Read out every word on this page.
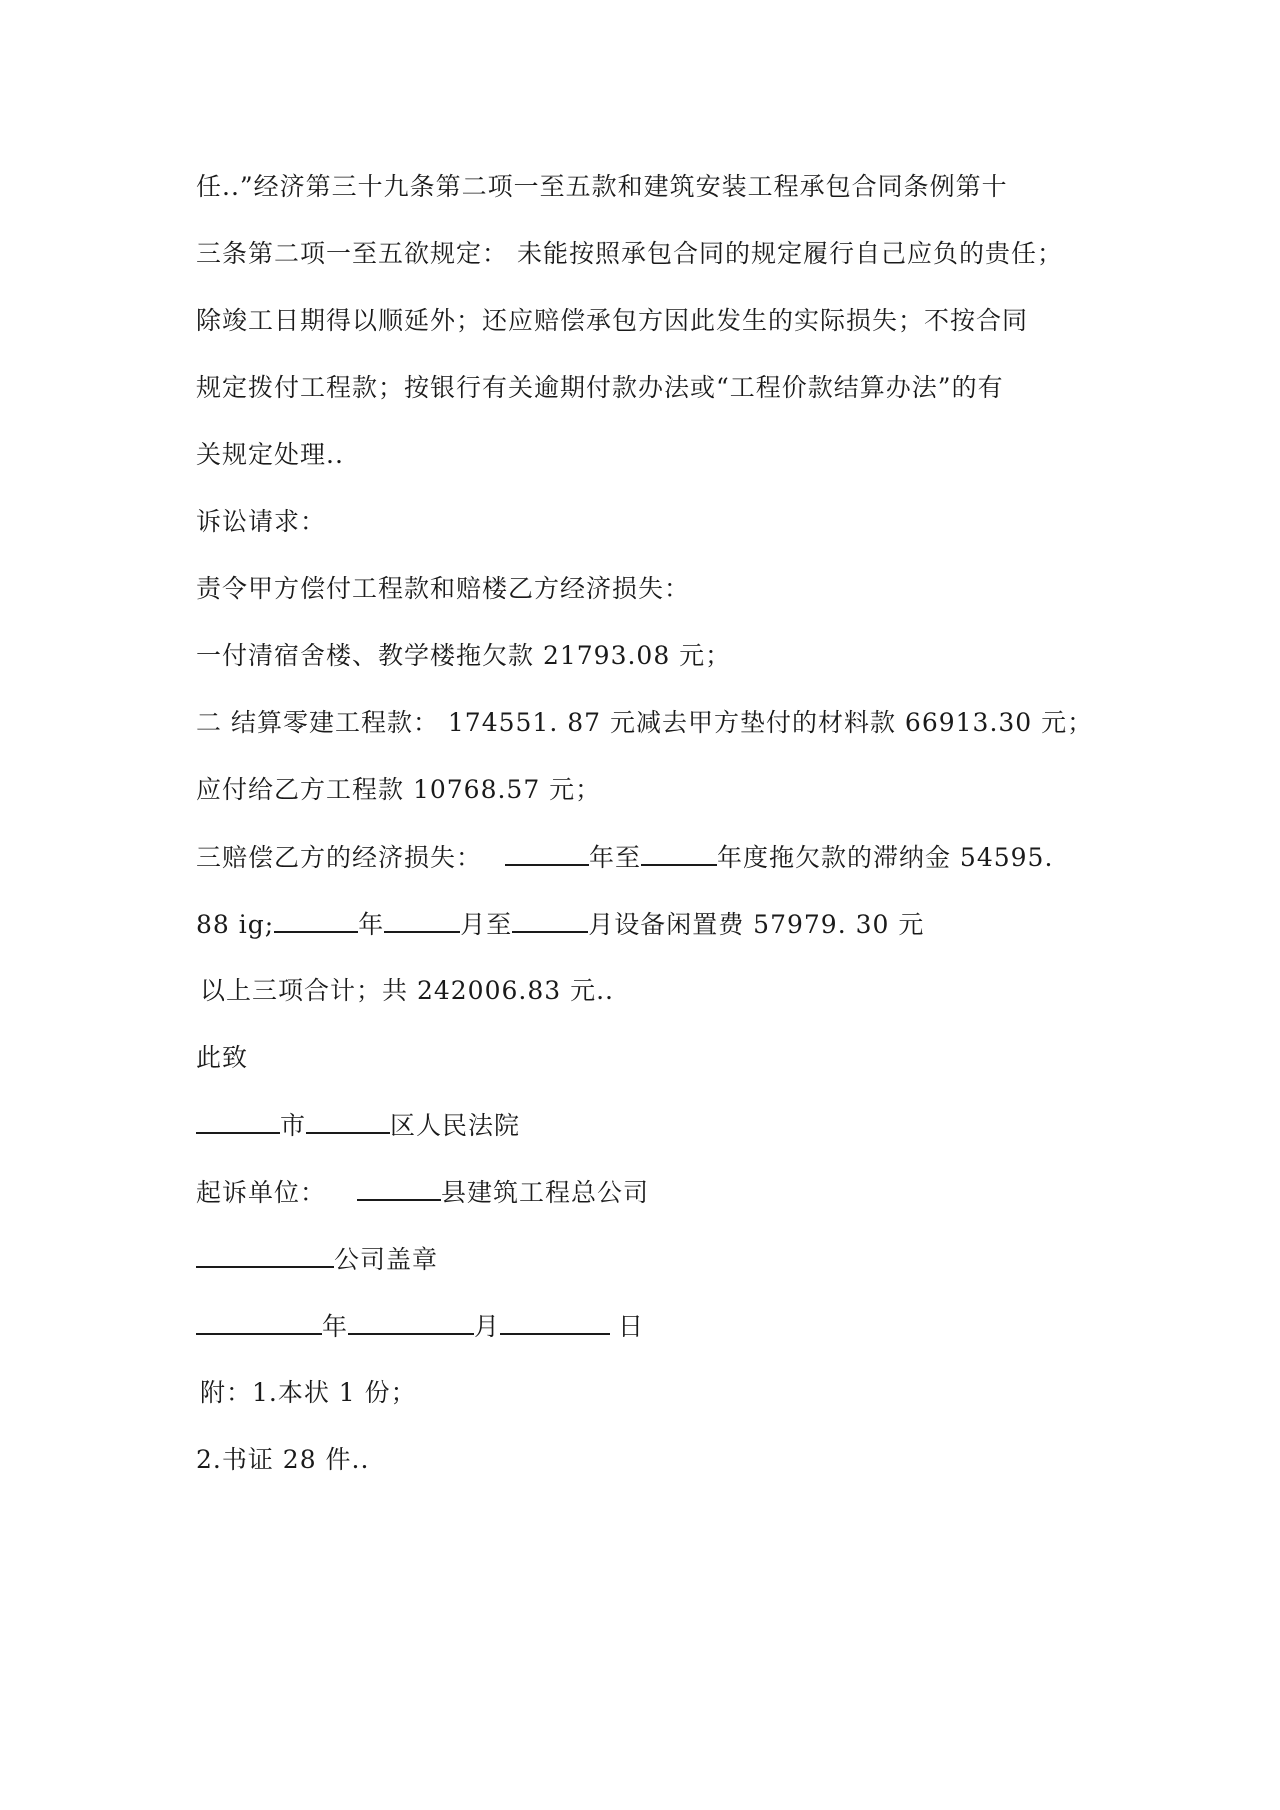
任..”经济第三十九条第二项一至五款和建筑安装工程承包合同条例第十
三条第二项一至五欲规定： 未能按照承包合同的规定履行自己应负的贵任；
除竣工日期得以顺延外；还应赔偿承包方因此发生的实际损失；不按合同
规定拨付工程款；按银行有关逾期付款办法或“工程价款结算办法”的有
关规定处理..
诉讼请求：
责令甲方偿付工程款和赔楼乙方经济损失：
一付清宿舍楼、教学楼拖欠款 21793.08 元；
二 结算零建工程款： 174551. 87 元减去甲方垫付的材料款 66913.30 元；
应付给乙方工程款 10768.57 元；
三赔偿乙方的经济损失：	年至	年度拖欠款的滞纳金 54595.
88 ig;	年	月至	月设备闲置费 57979. 30 元
以上三项合计；共 242006.83 元..
此致
市	区人民法院
起诉单位：	县建筑工程总公司
公司盖章
年	月	日
附：1.本状 1 份；
2.书证 28 件..
